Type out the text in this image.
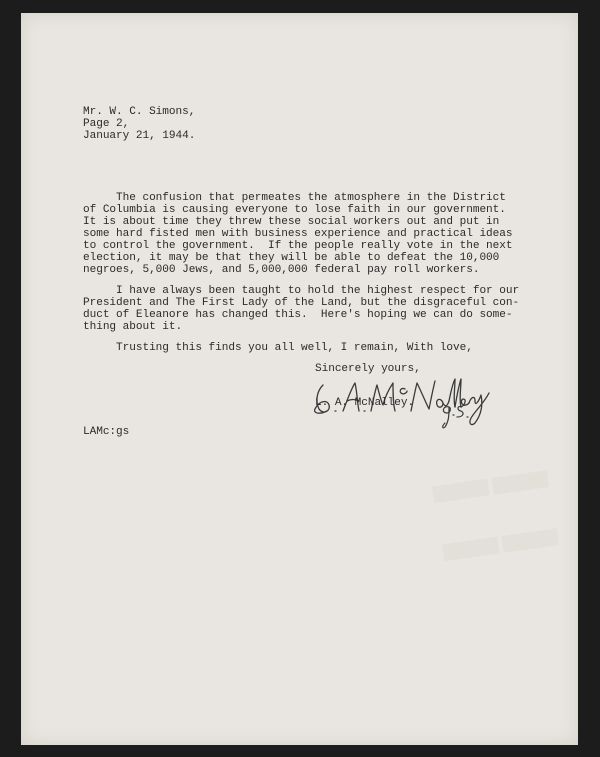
▬▬
▬▬
Mr. W. C. Simons,
Page 2,
January 21, 1944.
The confusion that permeates the atmosphere in the District
of Columbia is causing everyone to lose faith in our government.
It is about time they threw these social workers out and put in
some hard fisted men with business experience and practical ideas
to control the government.  If the people really vote in the next
election, it may be that they will be able to defeat the 10,000
negroes, 5,000 Jews, and 5,000,000 federal pay roll workers.
I have always been taught to hold the highest respect for our
President and The First Lady of the Land, but the disgraceful con-
duct of Eleanore has changed this.  Here's hoping we can do some-
thing about it.
Trusting this finds you all well, I remain, With love,
Sincerely yours,
L. A. McNalley.
LAMc:gs
